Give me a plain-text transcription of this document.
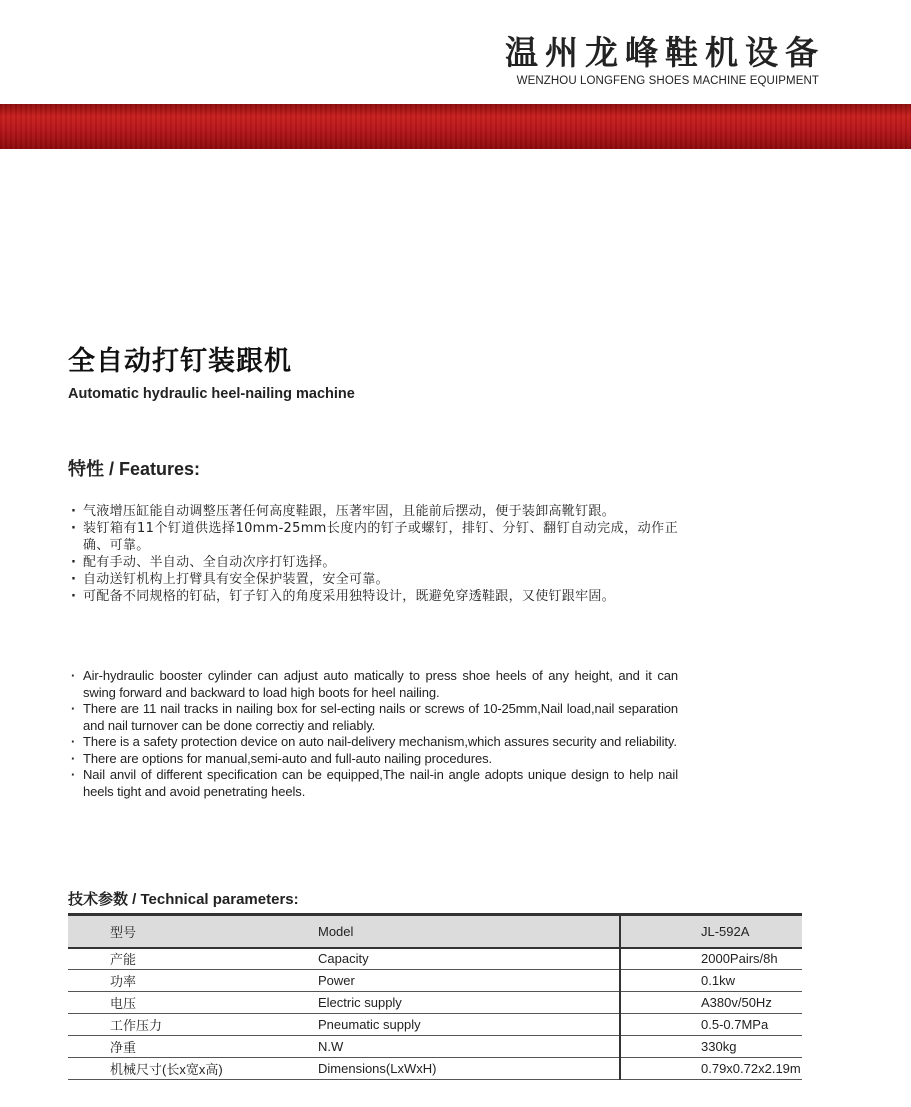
温州龙峰鞋机设备
WENZHOU LONGFENG SHOES MACHINE EQUIPMENT
全自动打钉装跟机
Automatic hydraulic heel-nailing machine
特性 / Features:
· 气液增压缸能自动调整压著任何高度鞋跟，压著牢固，且能前后摆动，便于装卸高靴钉跟。
· 装钉箱有11个钉道供选择10mm-25mm长度内的钉子或螺钉，排钉、分钉、翻钉自动完成，动作正确、可靠。
· 配有手动、半自动、全自动次序打钉选择。
· 自动送钉机构上打臂具有安全保护装置，安全可靠。
· 可配备不同规格的钉砧，钉子钉入的角度采用独特设计，既避免穿透鞋跟，又使钉跟牢固。
· Air-hydraulic booster cylinder can adjust auto matically to press shoe heels of any height, and it can swing forward and backward to load high boots for heel nailing.
· There are 11 nail tracks in nailing box for sel-ecting nails or screws of 10-25mm,Nail load,nail separation and nail turnover can be done correctiy and reliably.
· There is a safety protection device on auto nail-delivery mechanism,which assures security and reliability.
· There are options for manual,semi-auto and full-auto nailing procedures.
· Nail anvil of different specification can be equipped,The nail-in angle adopts unique design to help nail heels tight and avoid penetrating heels.
技术参数 / Technical parameters:
型号	Model	JL-592A
产能	Capacity	2000Pairs/8h
功率	Power	0.1kw
电压	Electric supply	A380v/50Hz
工作压力	Pneumatic supply	0.5-0.7MPa
净重	N.W	330kg
机械尺寸(长x宽x高)	Dimensions(LxWxH)	0.79x0.72x2.19m
